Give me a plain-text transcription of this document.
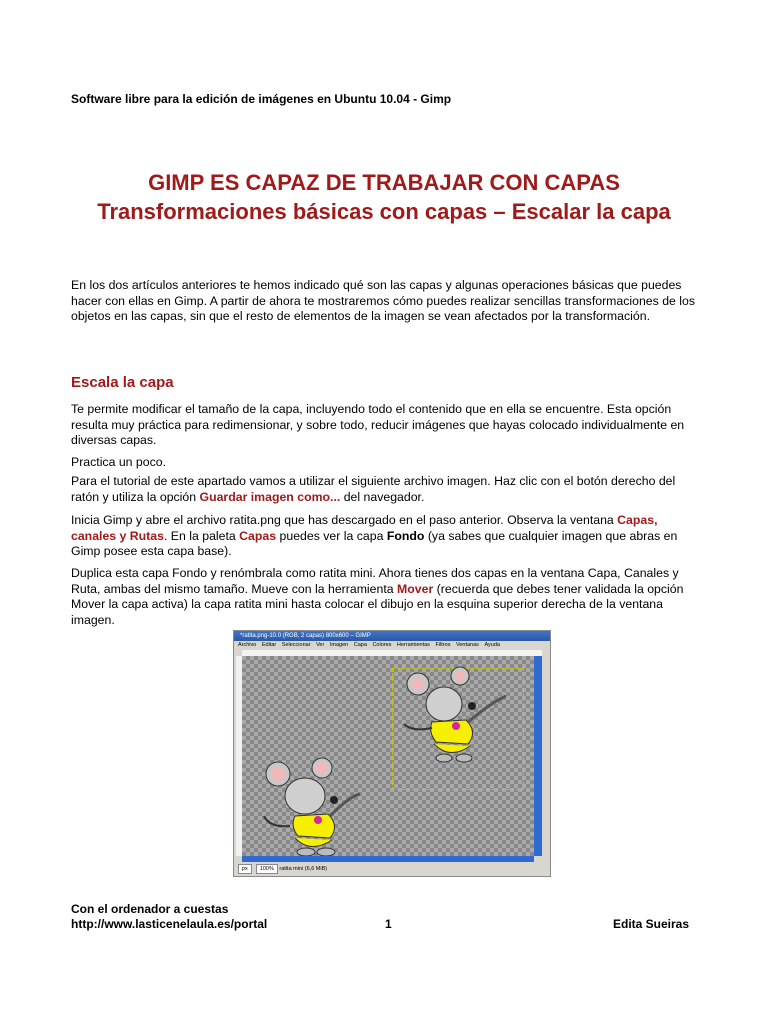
Software libre para la edición de imágenes en Ubuntu 10.04 - Gimp
GIMP ES CAPAZ DE TRABAJAR CON CAPAS
Transformaciones básicas con capas – Escalar la capa
En los dos artículos anteriores te hemos indicado qué son las capas y algunas operaciones básicas que puedes hacer con ellas en Gimp. A partir de ahora te mostraremos cómo puedes realizar sencillas transformaciones de los objetos en las capas, sin que el resto de elementos de la imagen se vean afectados por la transformación.
Escala la capa
Te permite modificar el tamaño de la capa, incluyendo todo el contenido que en ella se encuentre. Esta opción resulta muy práctica para redimensionar, y sobre todo, reducir imágenes que hayas colocado individualmente en diversas capas.
Practica un poco.
Para el tutorial de este apartado vamos a utilizar el siguiente archivo imagen. Haz clic con el botón derecho del ratón y utiliza la opción Guardar imagen como... del navegador.
Inicia Gimp y abre el archivo ratita.png que has descargado en el paso anterior. Observa la ventana Capas, canales y Rutas. En la paleta Capas puedes ver la capa Fondo (ya sabes que cualquier imagen que abras en Gimp posee esta capa base).
Duplica esta capa Fondo y renómbrala como ratita mini. Ahora tienes dos capas en la ventana Capa, Canales y Ruta, ambas del mismo tamaño. Mueve con la herramienta Mover (recuerda que debes tener validada la opción Mover la capa activa) la capa ratita mini hasta colocar el dibujo en la esquina superior derecha de la ventana imagen.
*ratita.png-10.0 (RGB, 2 capas) 800x600 – GIMP
Archivo Editar Seleccionar Ver Imagen Capa Colores Herramientas Filtros Ventanas Ayuda
px 100% ratita mini (6,6 MiB)
Con el ordenador a cuestas
http://www.lasticenelaula.es/portal	1	Edita Sueiras
